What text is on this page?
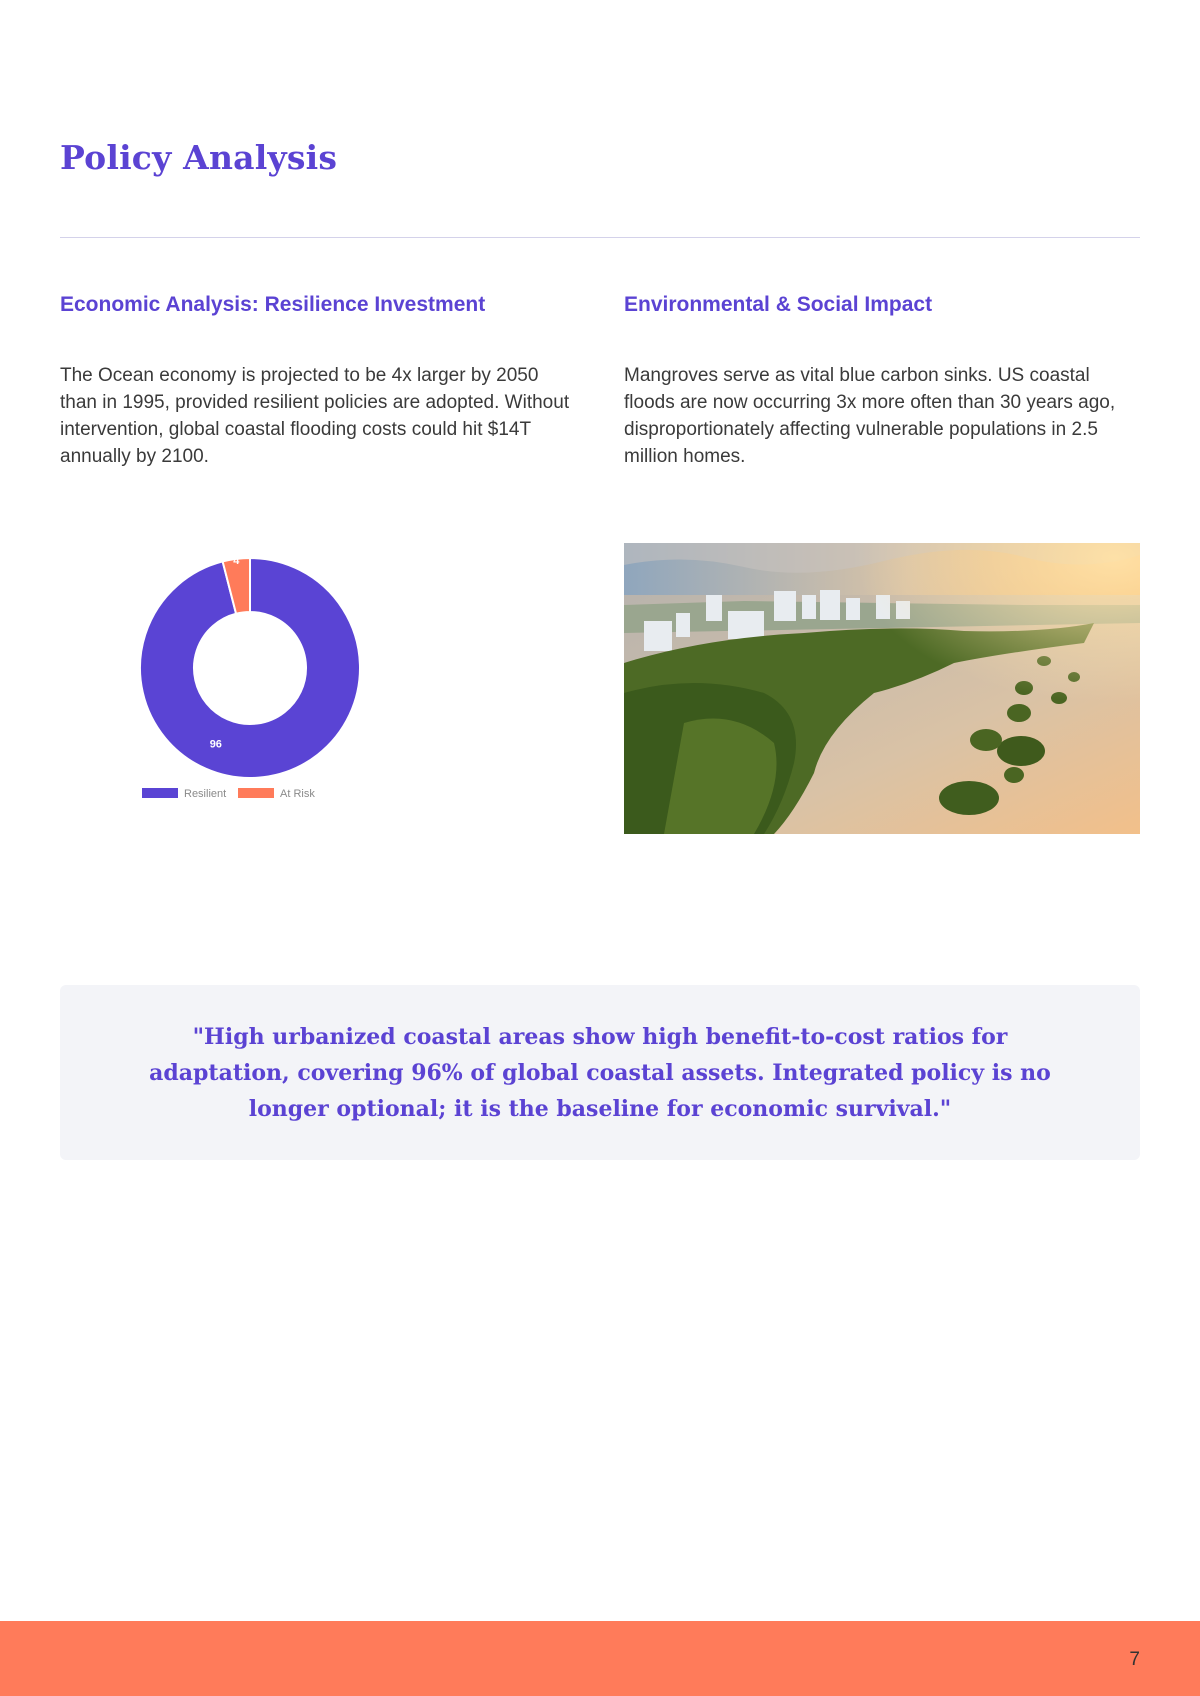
Policy Analysis
Economic Analysis: Resilience Investment

The Ocean economy is projected to be 4x larger by 2050 than in 1995, provided resilient policies are adopted. Without intervention, global coastal flooding costs could hit $14T annually by 2100.

Environmental & Social Impact

Mangroves serve as vital blue carbon sinks. US coastal floods are now occurring 3x more often than 30 years ago, disproportionately affecting vulnerable populations in 2.5 million homes.

96
4
Resilient	At Risk

"High urbanized coastal areas show high benefit-to-cost ratios for adaptation, covering 96% of global coastal assets. Integrated policy is no longer optional; it is the baseline for economic survival."

7
